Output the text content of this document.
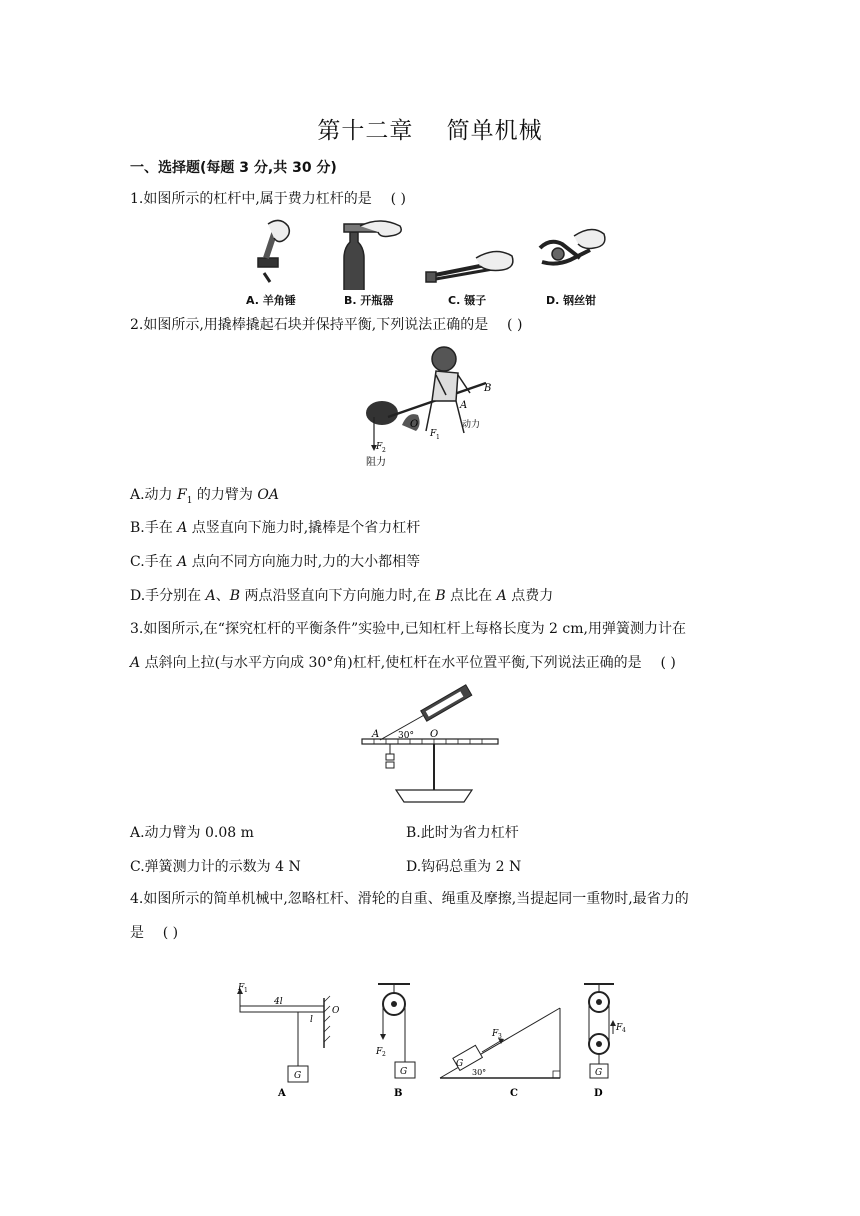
第十二章 简单机械
一、选择题(每题 3 分,共 30 分)
1.如图所示的杠杆中,属于费力杠杆的是 ( )
A. 羊角锤	B. 开瓶器	C. 镊子	D. 钢丝钳
2.如图所示,用撬棒撬起石块并保持平衡,下列说法正确的是 ( )
B
O
A
动力
F 1
F 2
阻力
A.动力 $F_1$ 的力臂为 OA
B.手在 A 点竖直向下施力时,撬棒是个省力杠杆
C.手在 A 点向不同方向施力时,力的大小都相等
D.手分别在 A、B 两点沿竖直向下方向施力时,在 B 点比在 A 点费力
3.如图所示,在“探究杠杆的平衡条件”实验中,已知杠杆上每格长度为 2 cm,用弹簧测力计在
A 点斜向上拉(与水平方向成 30°角)杠杆,使杠杆在水平位置平衡,下列说法正确的是 ( )
A 30° O
A.动力臂为 0.08 m	B.此时为省力杠杆
C.弹簧测力计的示数为 4 N	D.钩码总重为 2 N
4.如图所示的简单机械中,忽略杠杆、滑轮的自重、绳重及摩擦,当提起同一重物时,最省力的
是 ( )
F 1
4l
l
O
G
A
F 2
G
B
G
F 3
30°
C
F 4
G
D
